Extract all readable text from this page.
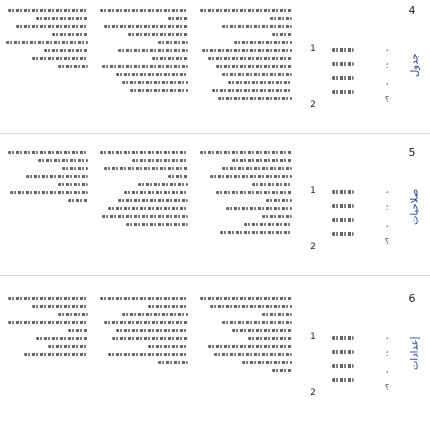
1
2
،
؛
،
؟
4
جدول
1
2
،
؛
،
؟
5
صلاحيات
1
2
،
؛
،
؟
6
إعدادات
